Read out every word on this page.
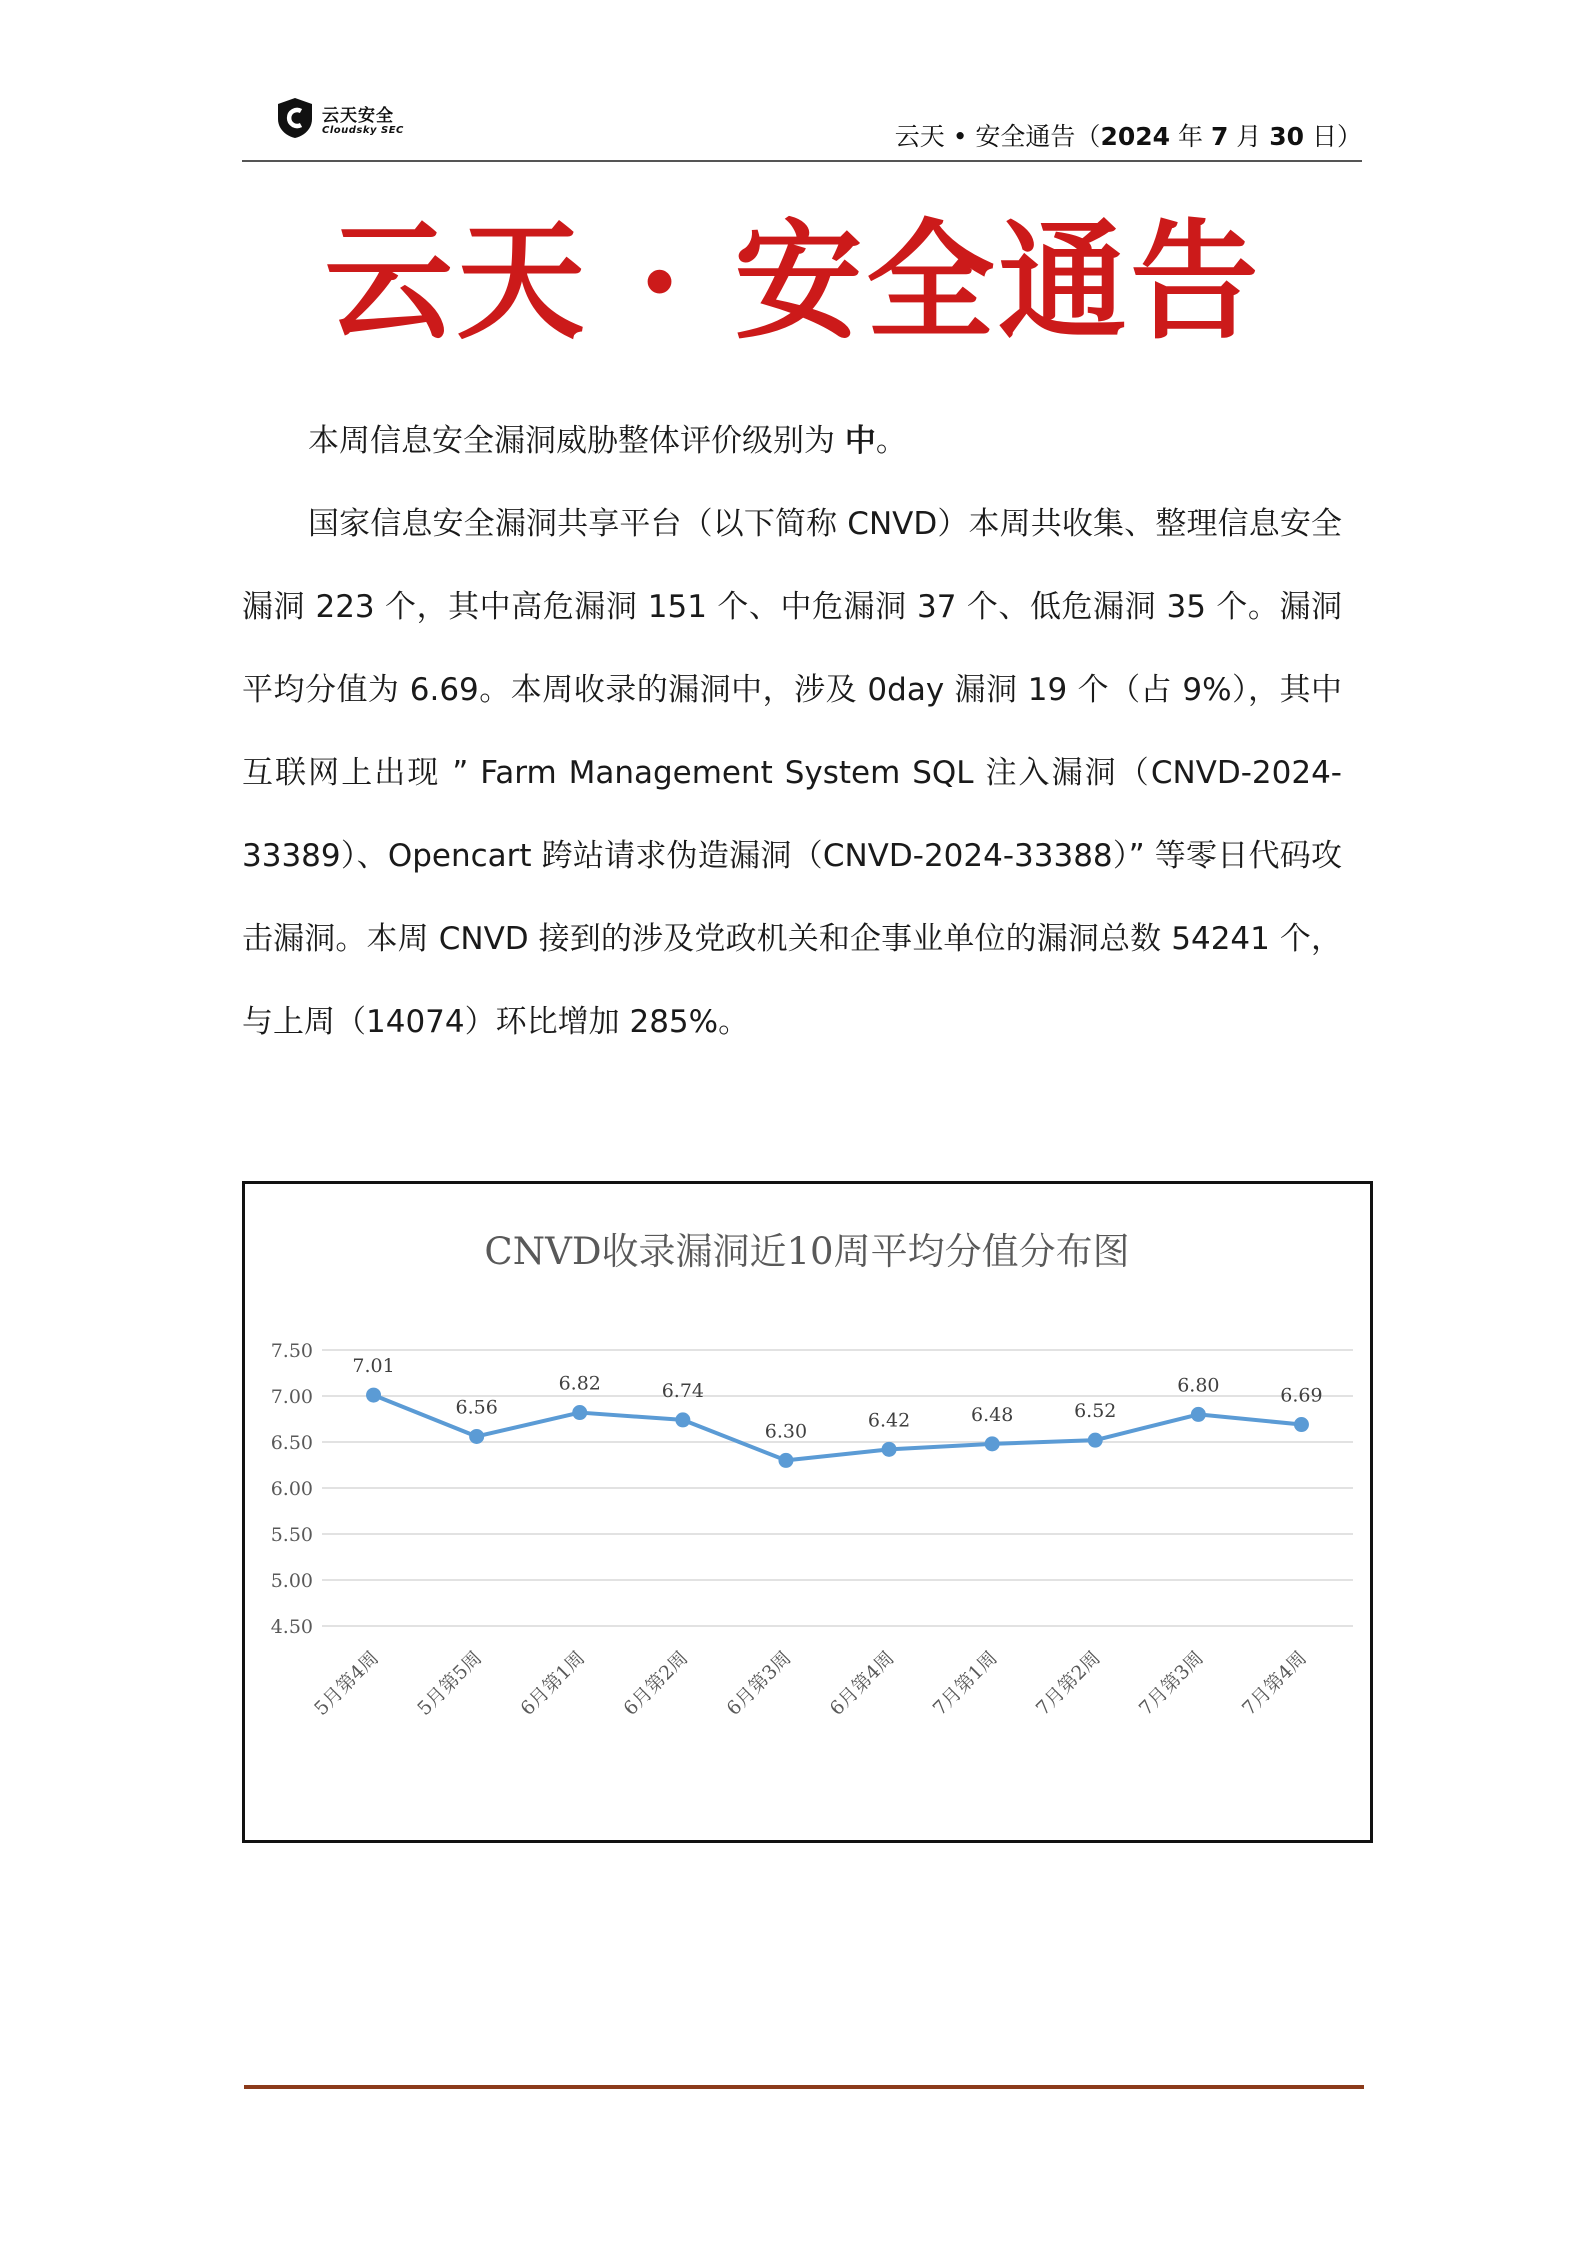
云天安全
Cloudsky SEC	云天 • 安全通告（2024 年 7 月 30 日）
云天 · 安全通告
本周信息安全漏洞威胁整体评价级别为 中。
国家信息安全漏洞共享平台（以下简称 CNVD）本周共收集、整理信息安全漏洞 223 个，其中高危漏洞 151 个、中危漏洞 37 个、低危漏洞 35 个。漏洞平均分值为 6.69。本周收录的漏洞中，涉及 0day 漏洞 19 个（占 9%），其中互联网上出现 ” Farm Management System SQL 注入漏洞（CNVD-2024-33389）、Opencart 跨站请求伪造漏洞（CNVD-2024-33388）” 等零日代码攻击漏洞。本周 CNVD 接到的涉及党政机关和企事业单位的漏洞总数 54241 个，与上周（14074）环比增加 285%。
CNVD收录漏洞近10周平均分值分布图
4.50
5.00
5.50
6.00
6.50
7.00
7.50
7.01
5月第4周
6.56
5月第5周
6.82
6月第1周
6.74
6月第2周
6.30
6月第3周
6.42
6月第4周
6.48
7月第1周
6.52
7月第2周
6.80
7月第3周
6.69
7月第4周
